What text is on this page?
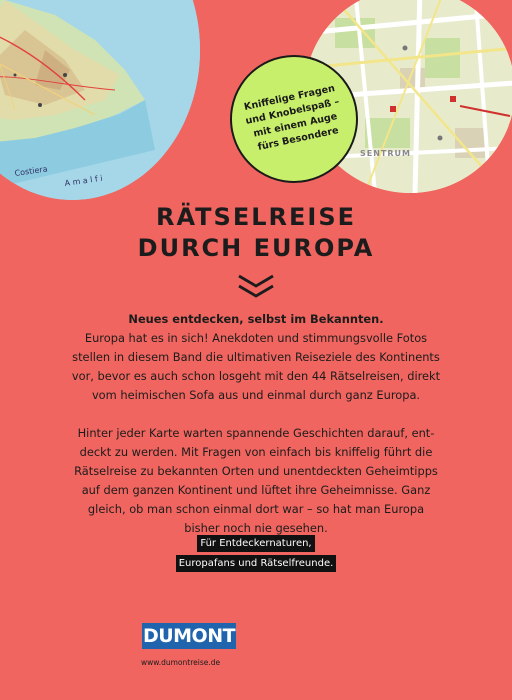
Costiera
A m a l f i
SENTRUM
Kniffelige Fragen
und Knobelspaß –
mit einem Auge
fürs Besondere
RÄTSELREISE
DURCH EUROPA

Neues entdecken, selbst im Bekannten.

Europa hat es in sich! Anekdoten und stimmungsvolle Fotos stellen in diesem Band die ultimativen Reiseziele des Kontinents vor, bevor es auch schon losgeht mit den 44 Rätselreisen, direkt vom heimischen Sofa aus und einmal durch ganz Europa.

Hinter jeder Karte warten spannende Geschichten darauf, entdeckt zu werden. Mit Fragen von einfach bis kniffelig führt die Rätselreise zu bekannten Orten und unentdeckten Geheimtipps auf dem ganzen Kontinent und lüftet ihre Geheimnisse. Ganz gleich, ob man schon einmal dort war – so hat man Europa bisher noch nie gesehen.

Für Entdeckernaturen,
Europafans und Rätselfreunde.
DUMONT
www.dumontreise.de
